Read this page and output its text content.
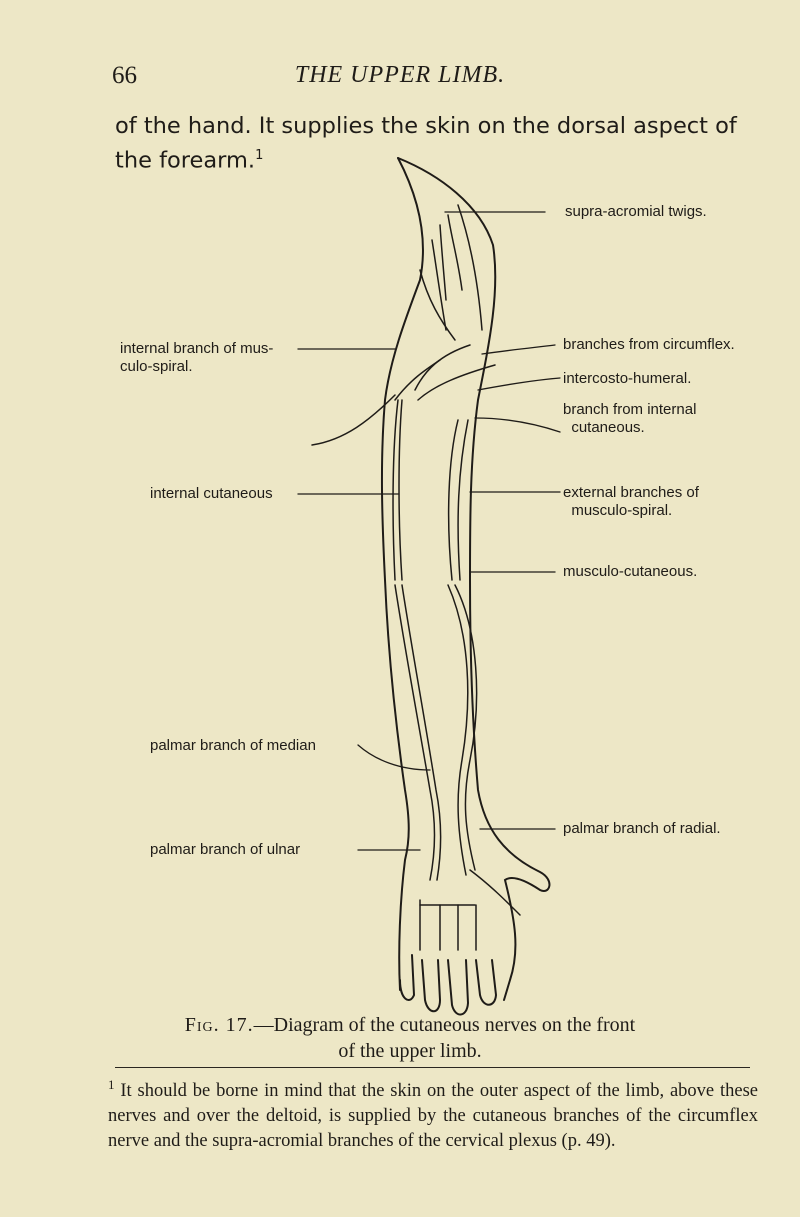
66	THE UPPER LIMB.
of the hand. It supplies the skin on the dorsal aspect of
the forearm.$^1$
supra-acromial twigs.
branches from circumflex.
intercosto-humeral.
branch from internal
cutaneous.
external branches of
musculo-spiral.
musculo-cutaneous.
palmar branch of radial.
internal branch of mus-
culo-spiral.
internal cutaneous
palmar branch of median
palmar branch of ulnar
Fig. 17.—Diagram of the cutaneous nerves on the front
of the upper limb.
$^1$ It should be borne in mind that the skin on the outer aspect of the limb, above these nerves and over the deltoid, is supplied by the cutaneous branches of the circumflex nerve and the supra-acromial branches of the cervical plexus (p. 49).
